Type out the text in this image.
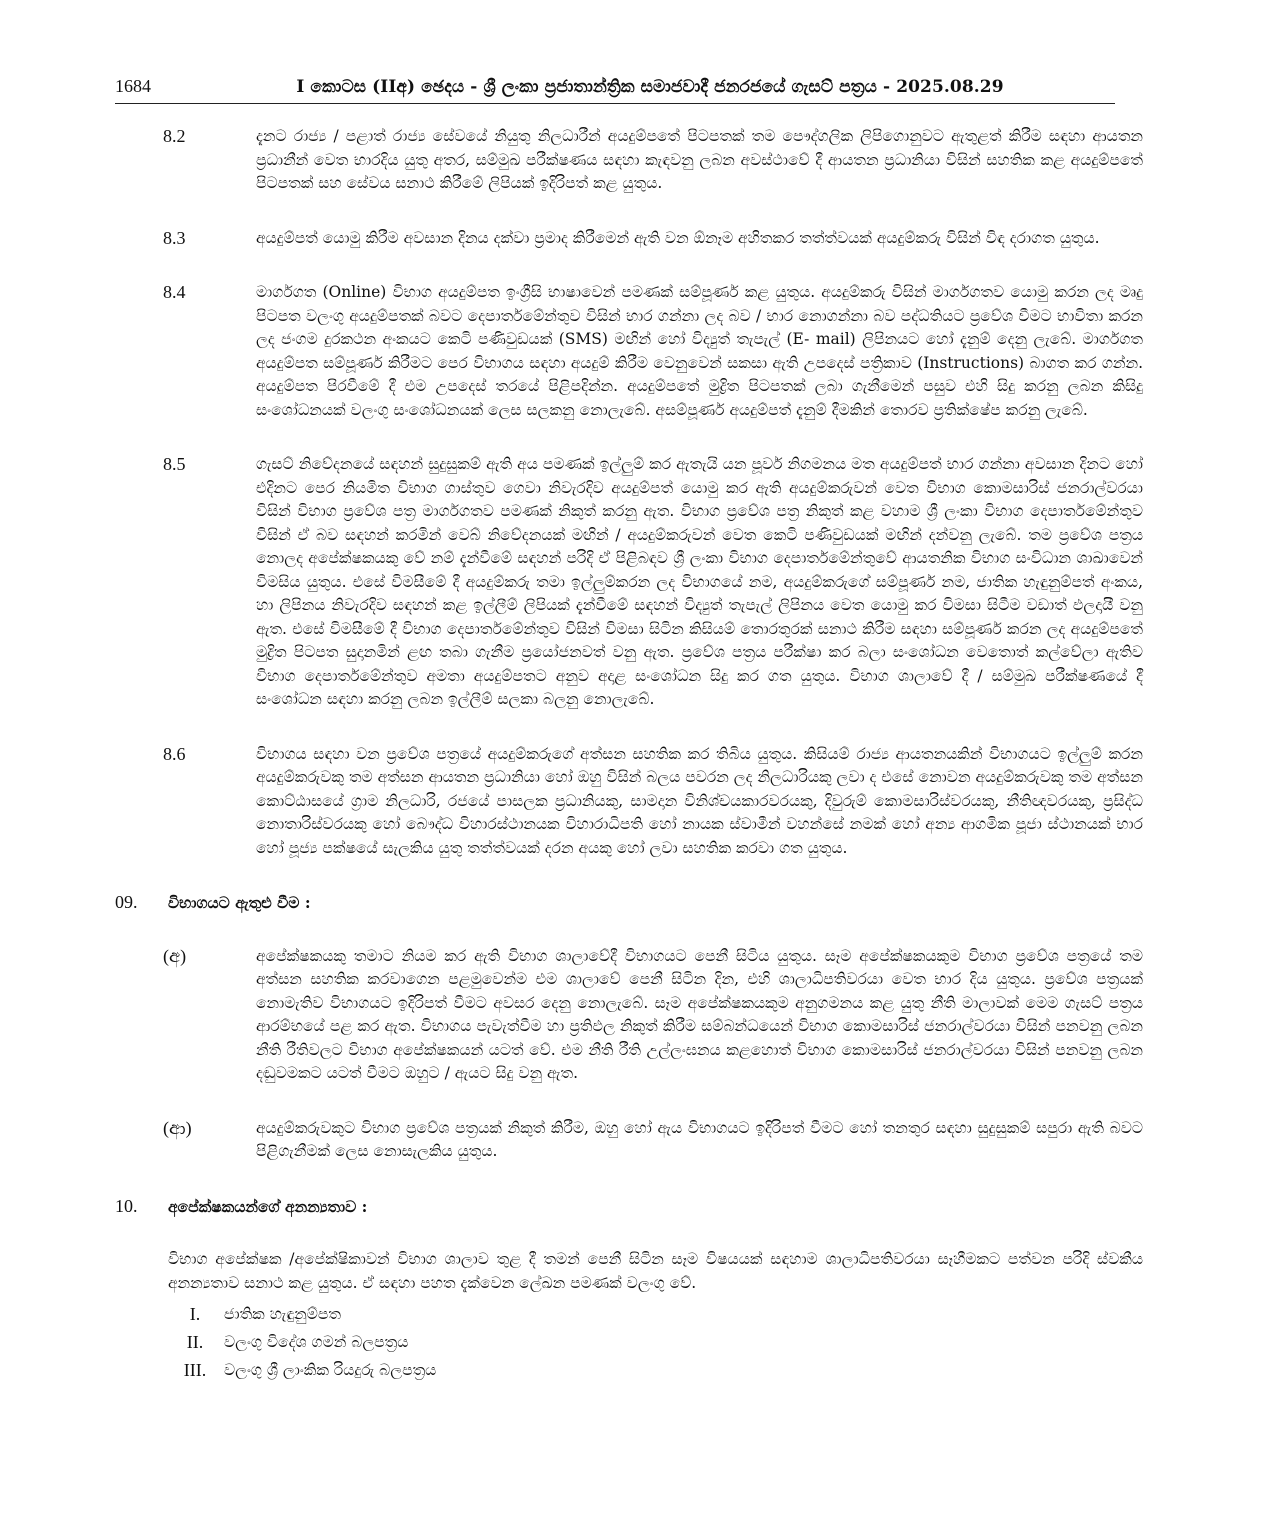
1684	I කොටස (IIඅ) ඡෙදය - ශ්‍රී ලංකා ප්‍රජාතාන්ත්‍රික සමාජවාදී ජනරජයේ ගැසට් පත්‍රය - 2025.08.29
8.2	දැනට රාජ්‍ය / පළාත් රාජ්‍ය සේවයේ නියුතු නිලධාරීන් අයදුම්පතේ පිටපතක් තම පෞද්ගලික ලිපිගොනුවට ඇතුළත් කිරීම සඳහා ආයතන ප්‍රධානීන් වෙත භාරදිය යුතු අතර, සම්මුඛ පරීක්ෂණය සඳහා කැඳවනු ලබන අවස්ථාවේ දී ආයතන ප්‍රධානියා විසින් සහතික කළ අයදුම්පතේ පිටපතක් සහ සේවය සනාථ කිරීමේ ලිපියක් ඉදිරිපත් කළ යුතුය.
8.3	අයදුම්පත් යොමු කිරීම අවසාන දිනය දක්වා ප්‍රමාද කිරීමෙන් ඇති වන ඕනෑම අහිතකර තත්ත්වයක් අයදුම්කරු විසින් විඳ දරාගත යුතුය.
8.4	මාර්ගගත (Online) විභාග අයදුම්පත ඉංග්‍රීසි භාෂාවෙන් පමණක් සම්පූර්ණ කළ යුතුය. අයදුම්කරු විසින් මාර්ගගතව යොමු කරන ලද මෘදු පිටපත වලංගු අයදුම්පතක් බවට දෙපාර්තමේන්තුව විසින් භාර ගන්නා ලද බව / භාර නොගන්නා බව පද්ධතියට ප්‍රවේශ වීමට භාවිතා කරන ලද ජංගම දුරකථන අංකයට කෙටි පණිවුඩයක් (SMS) මඟින් හෝ විද්‍යුත් තැපැල් (E- mail) ලිපිනයට හෝ දැනුම් දෙනු ලැබේ. මාර්ගගත අයදුම්පත සම්පූර්ණ කිරීමට පෙර විභාගය සඳහා අයදුම් කිරීම වෙනුවෙන් සකසා ඇති උපදෙස් පත්‍රිකාව (Instructions) බාගත කර ගන්න. අයදුම්පත පිරවීමේ දී එම උපදෙස් තරයේ පිළිපදින්න. අයදුම්පතේ මුද්‍රිත පිටපතක් ලබා ගැනීමෙන් පසුව එහි සිදු කරනු ලබන කිසිදු සංශෝධනයක් වලංගු සංශෝධනයක් ලෙස සලකනු නොලැබේ. අසම්පූර්ණ අයදුම්පත් දැනුම් දීමකින් තොරව ප්‍රතික්ෂේප කරනු ලැබේ.
8.5	ගැසට් නිවේදනයේ සඳහන් සුදුසුකම් ඇති අය පමණක් ඉල්ලුම් කර ඇතැයි යන පූර්ව නිගමනය මත අයදුම්පත් භාර ගන්නා අවසාන දිනට හෝ එදිනට පෙර නියමිත විභාග ගාස්තුව ගෙවා නිවැරදිව අයදුම්පත් යොමු කර ඇති අයදුම්කරුවන් වෙත විභාග කොමසාරිස් ජනරාල්වරයා විසින් විභාග ප්‍රවේශ පත්‍ර මාර්ගගතව පමණක් නිකුත් කරනු ඇත. විභාග ප්‍රවේශ පත්‍ර නිකුත් කළ වහාම ශ්‍රී ලංකා විභාග දෙපාර්තමේන්තුව විසින් ඒ බව සඳහන් කරමින් වෙබ් නිවේදනයක් මඟින් / අයදුම්කරුවන් වෙත කෙටි පණිවුඩයක් මඟින් දන්වනු ලැබේ. තම ප්‍රවේශ පත්‍රය නොලද අපේක්ෂකයකු වේ නම් දැන්වීමේ සඳහන් පරිදි ඒ පිළිබඳව ශ්‍රී ලංකා විභාග දෙපාර්තමේන්තුවේ ආයතනික විභාග සංවිධාන ශාඛාවෙන් විමසිය යුතුය. එසේ විමසීමේ දී අයදුම්කරු තමා ඉල්ලුම්කරන ලද විභාගයේ නම, අයදුම්කරුගේ සම්පූර්ණ නම, ජාතික හැඳුනුම්පත් අංකය, හා ලිපිනය නිවැරදිව සඳහන් කළ ඉල්ලීම් ලිපියක් දැන්වීමේ සඳහන් විද්‍යුත් තැපැල් ලිපිනය වෙත යොමු කර විමසා සිටීම වඩාත් ඵලදායී වනු ඇත. එසේ විමසීමේ දී විභාග දෙපාර්තමේන්තුව විසින් විමසා සිටින කිසියම් තොරතුරක් සනාථ කිරීම සඳහා සම්පූර්ණ කරන ලද අයදුම්පතේ මුද්‍රිත පිටපත සුදානමින් ළඟ තබා ගැනීම ප්‍රයෝජනවත් වනු ඇත. ප්‍රවේශ පත්‍රය පරීක්ෂා කර බලා සංශෝධන වෙතොත් කල්වේලා ඇතිව විභාග දෙපාර්තමේන්තුව අමතා අයදුම්පතට අනුව අදාළ සංශෝධන සිදු කර ගත යුතුය. විභාග ශාලාවේ දී / සම්මුඛ පරීක්ෂණයේ දී සංශෝධන සඳහා කරනු ලබන ඉල්ලීම් සලකා බලනු නොලැබේ.
8.6	විභාගය සඳහා වන ප්‍රවේශ පත්‍රයේ අයදුම්කරුගේ අත්සන සහතික කර තිබිය යුතුය. කිසියම් රාජ්‍ය ආයතනයකින් විභාගයට ඉල්ලුම් කරන අයදුම්කරුවකු තම අත්සන ආයතන ප්‍රධානියා හෝ ඔහු විසින් බලය පවරන ලද නිලධාරියකු ලවා ද එසේ නොවන අයදුම්කරුවකු තම අත්සන කොට්ඨාසයේ ග්‍රාම නිලධාරි, රජයේ පාසලක ප්‍රධානියකු, සාමදාන විනිශ්චයකාරවරයකු, දිවුරුම් කොමසාරිස්වරයකු, නීතිඥවරයකු, ප්‍රසිද්ධ නොතාරිස්වරයකු හෝ බෞද්ධ විහාරස්ථානයක විහාරාධිපති හෝ නායක ස්වාමීන් වහන්සේ නමක් හෝ අන්‍ය ආගමික පූජා ස්ථානයක් භාර හෝ පූජ්‍ය පක්ෂයේ සැලකිය යුතු තත්ත්වයක් දරන අයකු හෝ ලවා සහතික කරවා ගත යුතුය.
09.	විභාගයට ඇතුළු වීම :
(අ)	අපේක්ෂකයකු තමාට නියම කර ඇති විභාග ශාලාවේදී විභාගයට පෙනී සිටිය යුතුය. සෑම අපේක්ෂකයකුම විභාග ප්‍රවේශ පත්‍රයේ තම අත්සන සහතික කරවාගෙන පළමුවෙන්ම එම ශාලාවේ පෙනී සිටින දින, එහි ශාලාධිපතිවරයා වෙත භාර දිය යුතුය. ප්‍රවේශ පත්‍රයක් නොමැතිව විභාගයට ඉදිරිපත් වීමට අවසර දෙනු නොලැබේ. සෑම අපේක්ෂකයකුම අනුගමනය කළ යුතු නීති මාලාවක් මෙම ගැසට් පත්‍රය ආරම්භයේ පළ කර ඇත. විභාගය පැවැත්වීම හා ප්‍රතිඵල නිකුත් කිරීම සම්බන්ධයෙන් විභාග කොමසාරිස් ජනරාල්වරයා විසින් පනවනු ලබන නීති රීතිවලට විභාග අපේක්ෂකයන් යටත් වේ. එම නීති රීති උල්ලංඝනය කළහොත් විභාග කොමසාරිස් ජනරාල්වරයා විසින් පනවනු ලබන දඬුවමකට යටත් වීමට ඔහුට / ඇයට සිදු වනු ඇත.
(ආ)	අයදුම්කරුවකුට විභාග ප්‍රවේශ පත්‍රයක් නිකුත් කිරීම, ඔහු හෝ ඇය විභාගයට ඉදිරිපත් වීමට හෝ තනතුර සඳහා සුදුසුකම් සපුරා ඇති බවට පිළිගැනීමක් ලෙස නොසැලකිය යුතුය.
10.	අපේක්ෂකයන්ගේ අනන්‍යතාව :
විභාග අපේක්ෂක /අපේක්ෂිකාවන් විභාග ශාලාව තුළ දී තමන් පෙනී සිටින සෑම විෂයයක් සඳහාම ශාලාධිපතිවරයා සෑහීමකට පත්වන පරිදි ස්වකීය අනන්‍යතාව සනාථ කළ යුතුය. ඒ සඳහා පහත දැක්වෙන ලේඛන පමණක් වලංගු වේ.
I.	ජාතික හැඳුනුම්පත
II.	වලංගු විදේශ ගමන් බලපත්‍රය
III.	වලංගු ශ්‍රී ලාංකික රියදුරු බලපත්‍රය
